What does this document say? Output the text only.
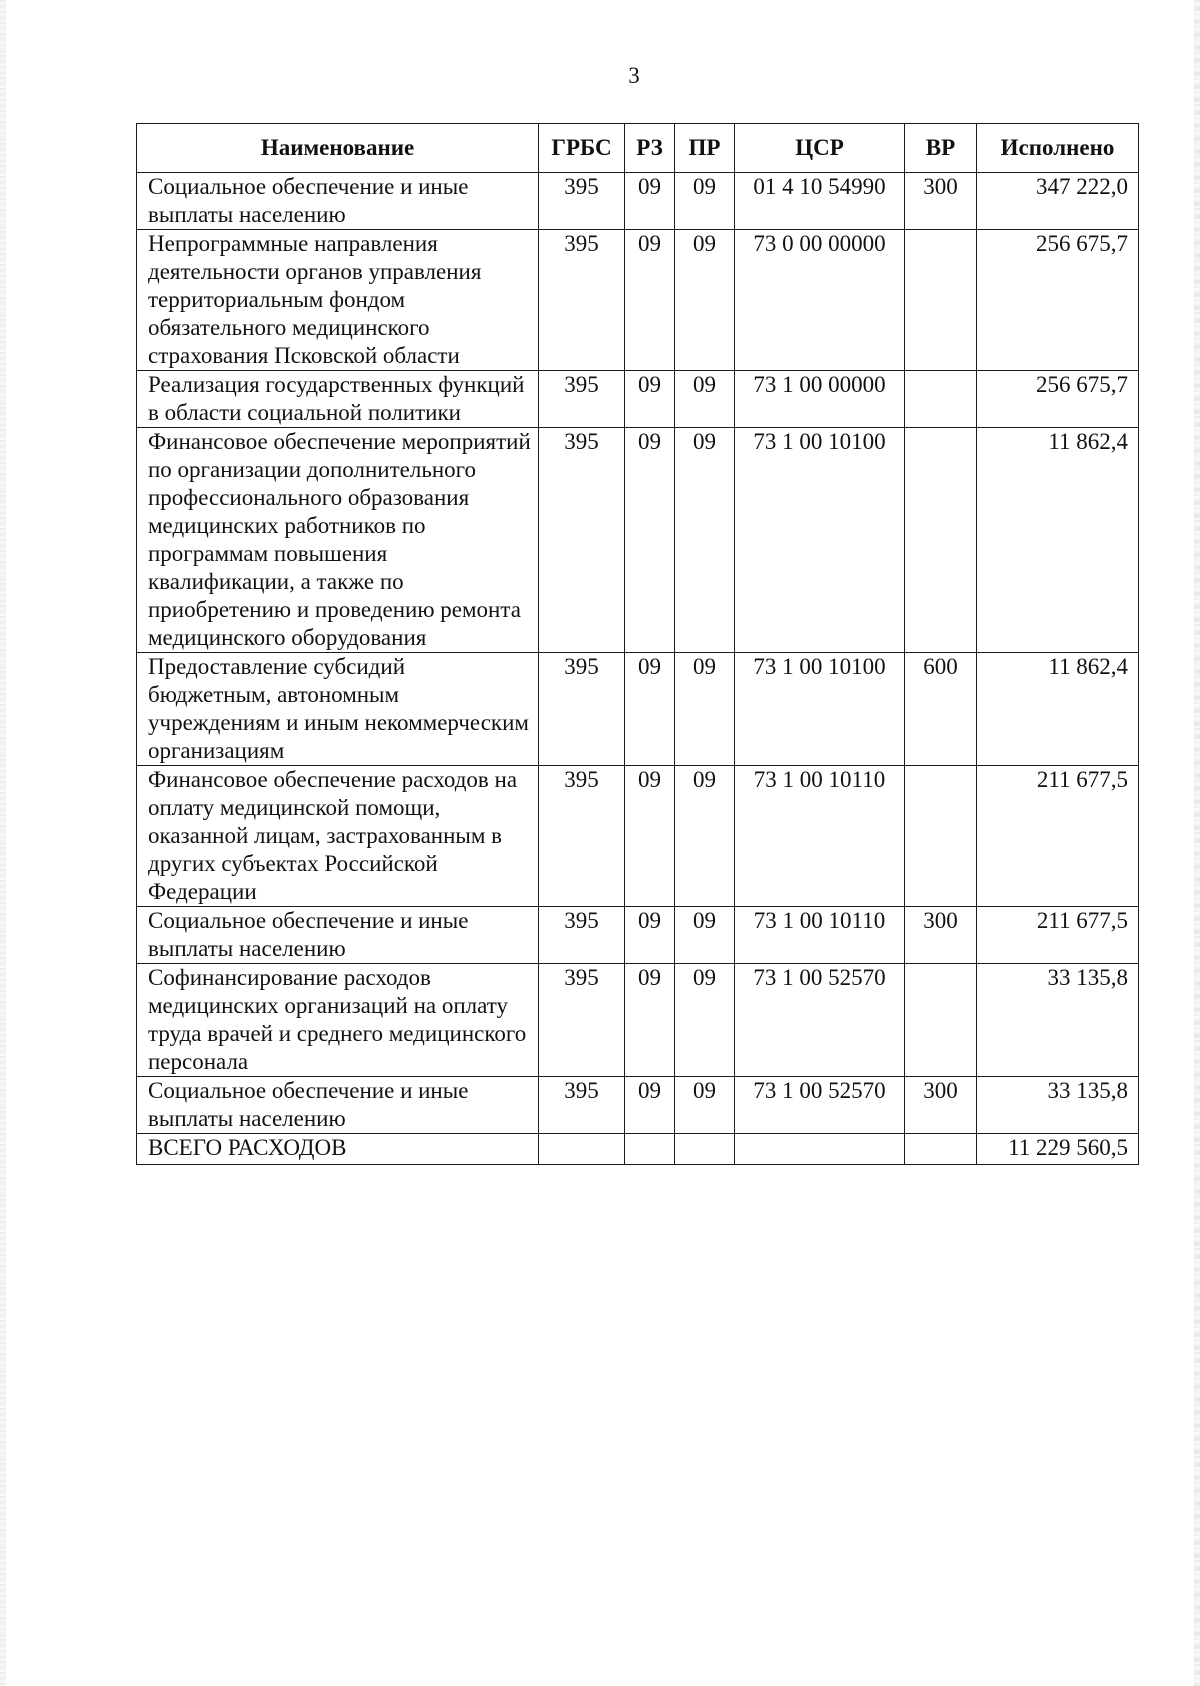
3
Наименование	ГРБС	РЗ	ПР	ЦСР	ВР	Исполнено
Социальное обеспечение и иные выплаты населению	395	09	09	01 4 10 54990	300	347 222,0
Непрограммные направления деятельности органов управления территориальным фондом обязательного медицинского страхования Псковской области	395	09	09	73 0 00 00000		256 675,7
Реализация государственных функций в области социальной политики	395	09	09	73 1 00 00000		256 675,7
Финансовое обеспечение мероприятий по организации дополнительного профессионального образования медицинских работников по программам повышения квалификации, а также по приобретению и проведению ремонта медицинского оборудования	395	09	09	73 1 00 10100		11 862,4
Предоставление субсидий бюджетным, автономным учреждениям и иным некоммерческим организациям	395	09	09	73 1 00 10100	600	11 862,4
Финансовое обеспечение расходов на оплату медицинской помощи, оказанной лицам, застрахованным в других субъектах Российской Федерации	395	09	09	73 1 00 10110		211 677,5
Социальное обеспечение и иные выплаты населению	395	09	09	73 1 00 10110	300	211 677,5
Софинансирование расходов медицинских организаций на оплату труда врачей и среднего медицинского персонала	395	09	09	73 1 00 52570		33 135,8
Социальное обеспечение и иные выплаты населению	395	09	09	73 1 00 52570	300	33 135,8
ВСЕГО РАСХОДОВ						11 229 560,5
